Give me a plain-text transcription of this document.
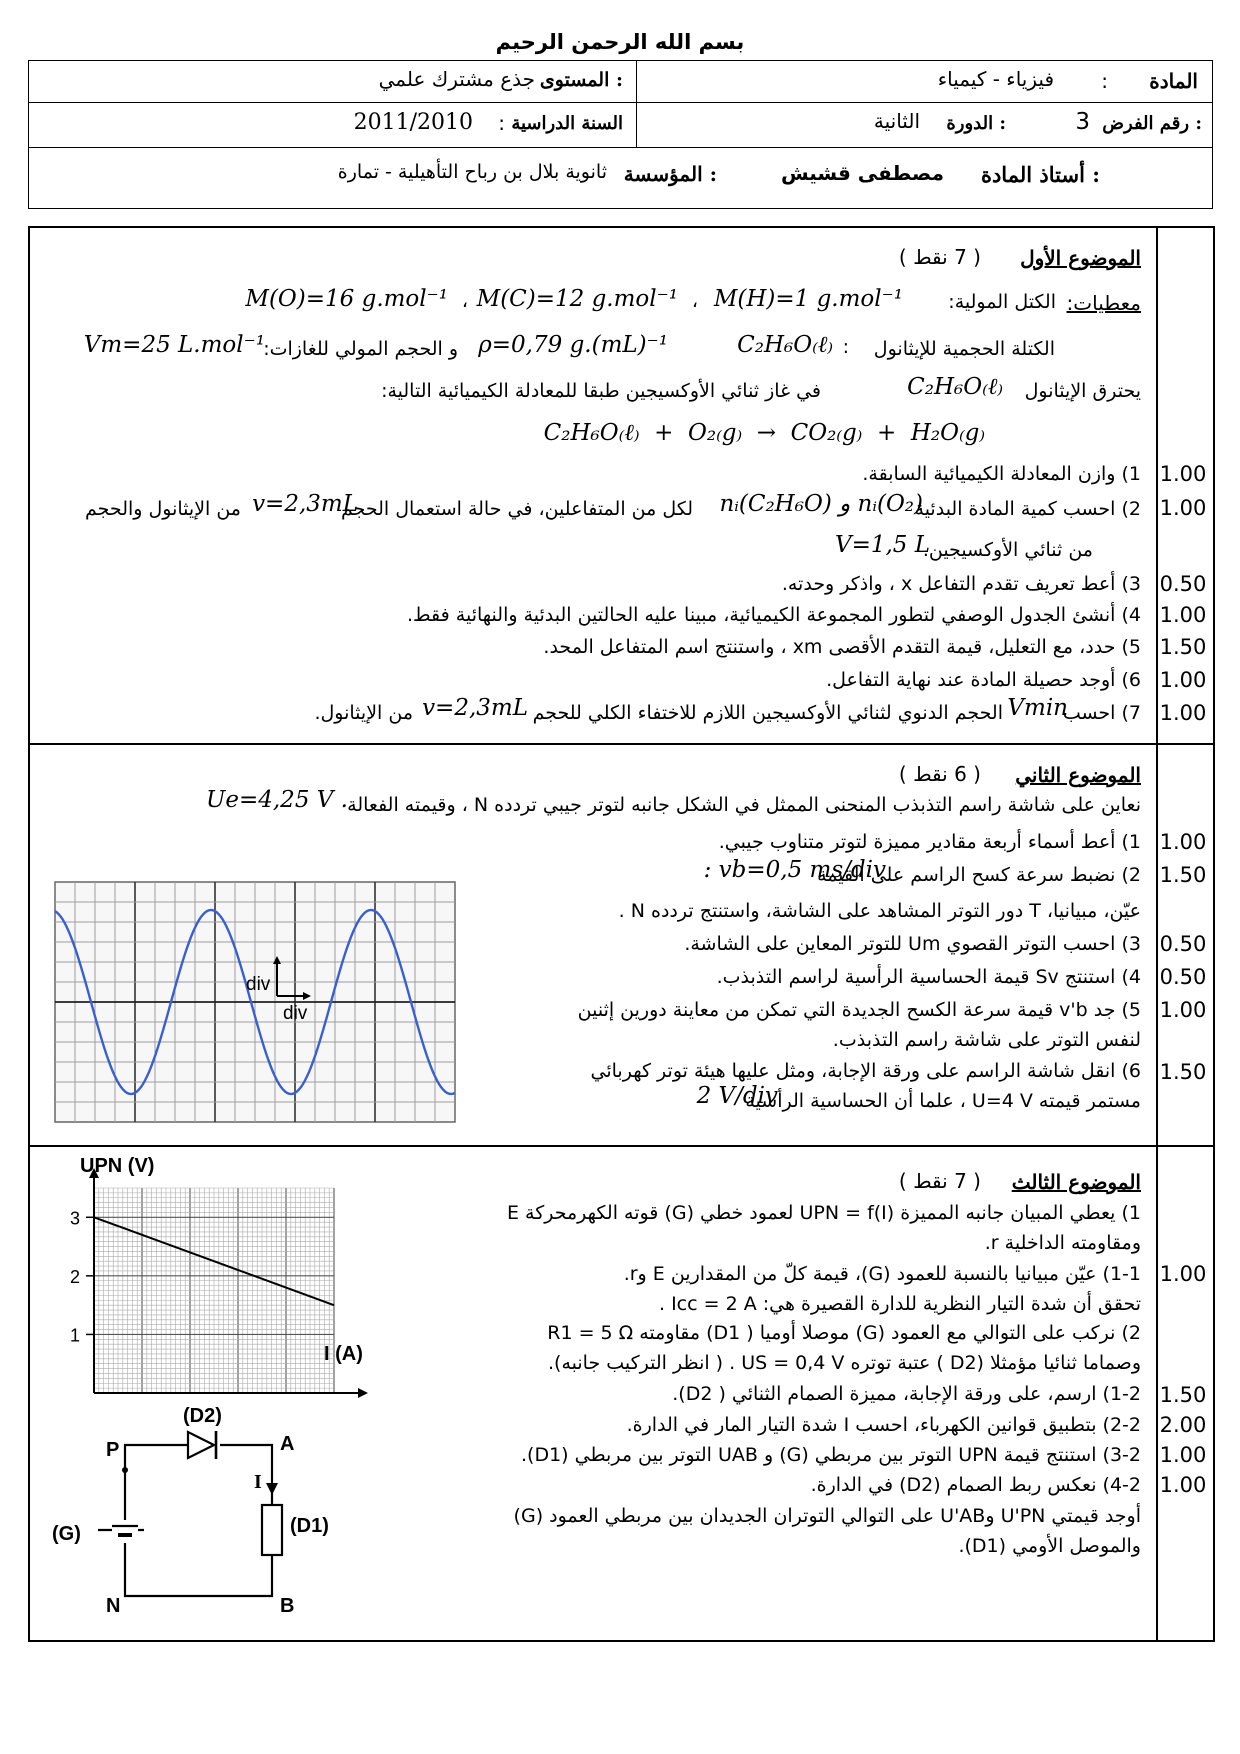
بسم الله الرحمن الرحيم
المادة
:
فيزياء - كيمياء
المستوى :
جذع مشترك علمي
رقم الفرض :
3
الدورة :
الثانية
السنة الدراسية
:
2011/2010
أستاذ المادة :
مصطفى قشيش
المؤسسة :
ثانوية بلال بن رباح التأهيلية - تمارة
الموضوع الأول
( 7 نقط )
معطيات:
الكتل المولية:
M(H)=1 g.mol⁻¹
،
M(C)=12 g.mol⁻¹
،
M(O)=16 g.mol⁻¹
الكتلة الحجمية للإيثانول
C₂H₆O₍ℓ₎ :
ρ=0,79 g.(mL)⁻¹
و الحجم المولي للغازات:
Vm=25 L.mol⁻¹
يحترق الإيثانول
C₂H₆O₍ℓ₎
في غاز ثنائي الأوكسيجين طبقا للمعادلة الكيميائية التالية:
C₂H₆O₍ℓ₎  +  O₂₍g₎  →  CO₂₍g₎  +  H₂O₍g₎
1) وازن المعادلة الكيميائية السابقة.
2) احسب كمية المادة البدئية
nᵢ(C₂H₆O) و nᵢ(O₂)
لكل من المتفاعلين، في حالة استعمال الحجم
v=2,3mL
من الإيثانول والحجم
من ثنائي الأوكسيجين.
V=1,5 L
3) أعط تعريف تقدم التفاعل x ، واذكر وحدته.
4) أنشئ الجدول الوصفي لتطور المجموعة الكيميائية، مبينا عليه الحالتين البدئية والنهائية فقط.
5) حدد، مع التعليل، قيمة التقدم الأقصى xm ، واستنتج اسم المتفاعل المحد.
6) أوجد حصيلة المادة عند نهاية التفاعل.
7) احسب
Vmin
الحجم الدنوي لثنائي الأوكسيجين اللازم للاختفاء الكلي للحجم
v=2,3mL
من الإيثانول.
1.00
1.00
0.50
1.00
1.50
1.00
1.00
الموضوع الثاني
( 6 نقط )
نعاين على شاشة راسم التذبذب المنحنى الممثل في الشكل جانبه لتوتر جيبي تردده N ، وقيمته الفعالة
Ue=4,25 V .
1) أعط أسماء أربعة مقادير مميزة لتوتر متناوب جيبي.
2) نضبط سرعة كسح الراسم على القيمة
: vb=0,5 ms/div
عيّن، مبيانيا، T دور التوتر المشاهد على الشاشة، واستنتج تردده N .
3) احسب التوتر القصوي Um للتوتر المعاين على الشاشة.
4) استنتج Sv قيمة الحساسية الرأسية لراسم التذبذب.
5) جد v'b قيمة سرعة الكسح الجديدة التي تمكن من معاينة دورين إثنين
لنفس التوتر على شاشة راسم التذبذب.
6) انقل شاشة الراسم على ورقة الإجابة، ومثل عليها هيئة توتر كهربائي
مستمر قيمته U=4 V ، علما أن الحساسية الرأسية
2 V/div
1.00
1.50
0.50
0.50
1.00
1.50
div
div
الموضوع الثالث
( 7 نقط )
1) يعطي المبيان جانبه المميزة UPN = f(I) لعمود خطي (G) قوته الكهرمحركة E
ومقاومته الداخلية r.
1-1) عيّن مبيانيا بالنسبة للعمود (G)، قيمة كلّ من المقدارين E وr.
تحقق أن شدة التيار النظرية للدارة القصيرة هي: Icc = 2 A .
2) نركب على التوالي مع العمود (G) موصلا أوميا ( D1) مقاومته R1 = 5 Ω
وصماما ثنائيا مؤمثلا (D2 ) عتبة توتره US = 0,4 V . ( انظر التركيب جانبه).
1-2) ارسم، على ورقة الإجابة، مميزة الصمام الثنائي ( D2).
2-2) بتطبيق قوانين الكهرباء، احسب I شدة التيار المار في الدارة.
3-2) استنتج قيمة UPN التوتر بين مربطي (G) و UAB التوتر بين مربطي (D1).
4-2) نعكس ربط الصمام (D2) في الدارة.
أوجد قيمتي U'PN وU'AB على التوالي التوتران الجديدان بين مربطي العمود (G)
والموصل الأومي (D1).
1.00
1.50
2.00
1.00
1.00
UPN (V)
I (A)
1
2
3
(D2)
(D1)
(G)
P	A
N	B
I
